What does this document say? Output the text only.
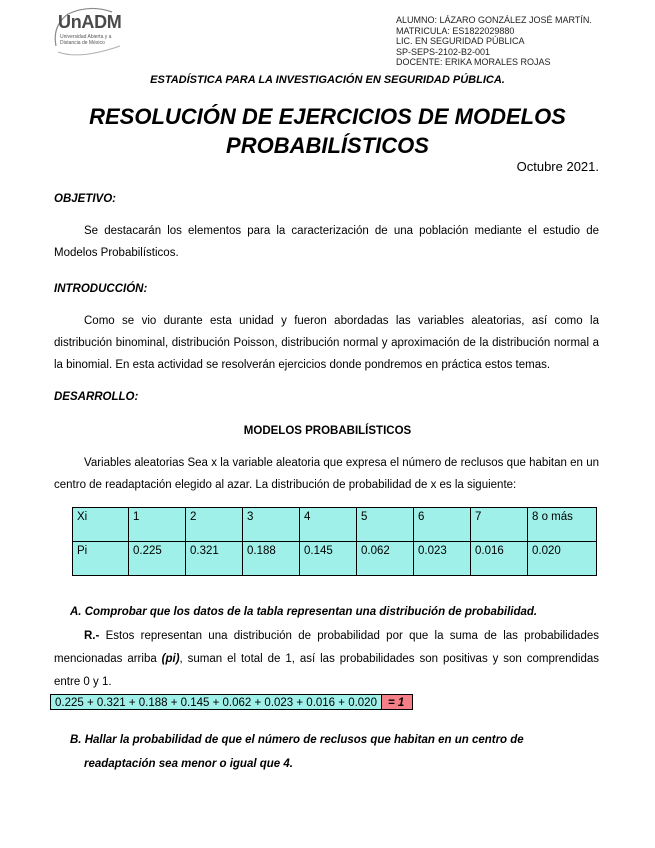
UnADM
Universidad Abierta y a Distancia de México
ALUMNO: LÁZARO GONZÁLEZ JOSÉ MARTÍN.
MATRICULA: ES1822029880
LIC. EN SEGURIDAD PÚBLICA
SP-SEPS-2102-B2-001
DOCENTE: ERIKA MORALES ROJAS
ESTADÍSTICA PARA LA INVESTIGACIÓN EN SEGURIDAD PÚBLICA.
RESOLUCIÓN DE EJERCICIOS DE MODELOS
PROBABILÍSTICOS
Octubre 2021.
OBJETIVO:
Se destacarán los elementos para la caracterización de una población mediante el estudio de Modelos Probabilísticos.
INTRODUCCIÓN:
Como se vio durante esta unidad y fueron abordadas las variables aleatorias, así como la distribución binominal, distribución Poisson, distribución normal y aproximación de la distribución normal a la binomial. En esta actividad se resolverán ejercicios donde pondremos en práctica estos temas.
DESARROLLO:
MODELOS PROBABILÍSTICOS
Variables aleatorias Sea x la variable aleatoria que expresa el número de reclusos que habitan en un centro de readaptación elegido al azar. La distribución de probabilidad de x es la siguiente:
Xi	1	2	3	4	5	6	7	8 o más
Pi	0.225	0.321	0.188	0.145	0.062	0.023	0.016	0.020
A. Comprobar que los datos de la tabla representan una distribución de probabilidad.
R.- Estos representan una distribución de probabilidad por que la suma de las probabilidades mencionadas arriba (pi), suman el total de 1, así las probabilidades son positivas y son comprendidas entre 0 y 1.
0.225 + 0.321 + 0.188 + 0.145 + 0.062 + 0.023 + 0.016 + 0.020 = 1
B. Hallar la probabilidad de que el número de reclusos que habitan en un centro de
readaptación sea menor o igual que 4.
